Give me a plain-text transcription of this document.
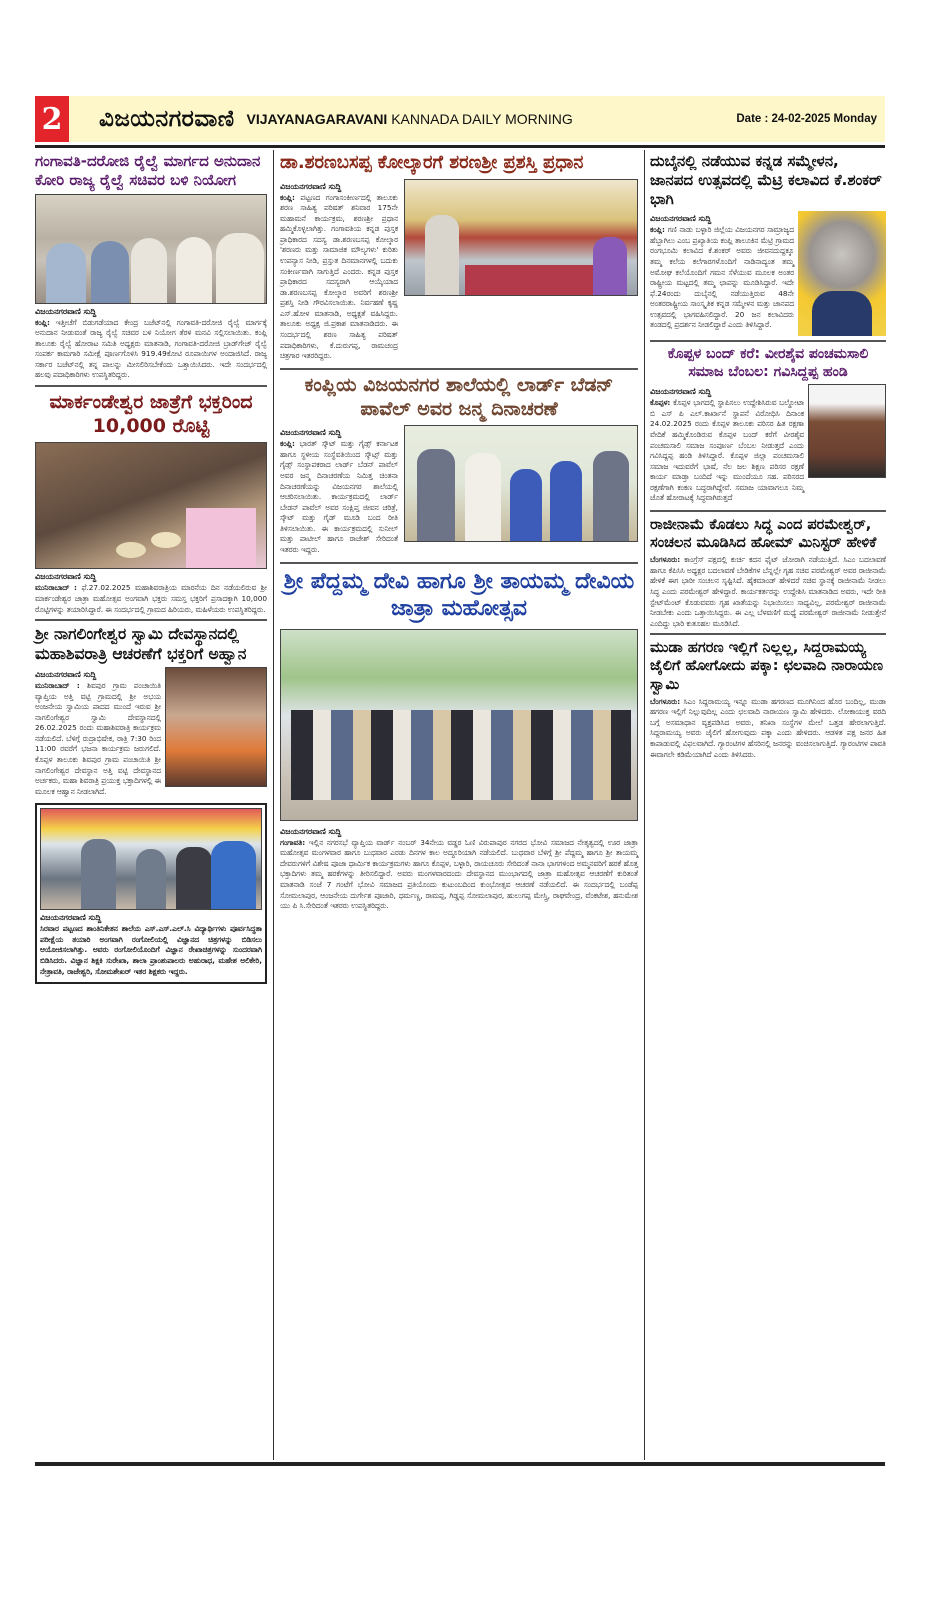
2 ವಿಜಯನಗರವಾಣಿ VIJAYANAGARAVANI KANNADA DAILY MORNING	Date : 24-02-2025 Monday
ಗಂಗಾವತಿ-ದರೋಜಿ ರೈಲ್ವೆ ಮಾರ್ಗದ ಅನುದಾನ ಕೋರಿ ರಾಜ್ಯ ರೈಲ್ವೆ ಸಚಿವರ ಬಳಿ ನಿಯೋಗ

ವಿಜಯನಗರವಾಣಿ ಸುದ್ದಿ

ಕಂಪ್ಲಿ: ಇತ್ತೀಚೆಗೆ ಬಿಡುಗಡೆಯಾದ ಕೇಂದ್ರ ಬಜೆಟ್‌ನಲ್ಲಿ ಗಂಗಾವತಿ-ದರೋಜಿ ರೈಲ್ವೆ ಮಾರ್ಗಕ್ಕೆ ಅನುದಾನ ನೀಡುವಂತೆ ರಾಜ್ಯ ರೈಲ್ವೆ ಸಚಿವರ ಬಳಿ ನಿಯೋಗ ತೆರಳಿ ಮನವಿ ಸಲ್ಲಿಸಲಾಯಿತು. ಕಂಪ್ಲಿ ತಾಲೂಕು ರೈಲ್ವೆ ಹೋರಾಟ ಸಮಿತಿ ಅಧ್ಯಕ್ಷರು ಮಾತನಾಡಿ, ಗಂಗಾವತಿ-ದರೋಜಿ ಬ್ರಾಡ್‌ಗೇಜ್ ರೈಲ್ವೆ ಸಂಪರ್ಕ ಕಾಮಗಾರಿ ಸಮೀಕ್ಷೆ ಪೂರ್ಣಗೊಳಿಸಿ 919.49ಕೋಟಿ ರೂಪಾಯಿಗಳ ಅಂದಾಜಿಸಿದೆ. ರಾಜ್ಯ ಸರ್ಕಾರ ಬಜೆಟ್‌ನಲ್ಲಿ ತನ್ನ ಪಾಲನ್ನು ಮೀಸಲಿರಿಸಬೇಕೆಂದು ಒತ್ತಾಯಿಸಿದರು. ಇದೇ ಸಂದರ್ಭದಲ್ಲಿ ಹಲವು ಪದಾಧಿಕಾರಿಗಳು ಉಪಸ್ಥಿತರಿದ್ದರು.

ಮಾರ್ಕಂಡೇಶ್ವರ ಜಾತ್ರೆಗೆ ಭಕ್ತರಿಂದ 10,000 ರೊಟ್ಟಿ

ವಿಜಯನಗರವಾಣಿ ಸುದ್ದಿ

ಮುನಿರಾಬಾದ್ : ಫೆ.27.02.2025 ಮಹಾಶಿವರಾತ್ರಿಯ ಮಾರನೆಯ ದಿನ ನಡೆಯಲಿರುವ ಶ್ರೀ ಮಾರ್ಕಂಡೇಶ್ವರ ಜಾತ್ರಾ ಮಹೋತ್ಸವ ಅಂಗವಾಗಿ ಭಕ್ತರು ಸಮಸ್ತ ಭಕ್ತರಿಗೆ ಪ್ರಸಾದಕ್ಕಾಗಿ 10,000 ರೊಟ್ಟಿಗಳನ್ನು ತಯಾರಿಸಿದ್ದಾರೆ. ಈ ಸಂದರ್ಭದಲ್ಲಿ ಗ್ರಾಮದ ಹಿರಿಯರು, ಮಹಿಳೆಯರು ಉಪಸ್ಥಿತರಿದ್ದರು.

ಶ್ರೀ ನಾಗಲಿಂಗೇಶ್ವರ ಸ್ವಾಮಿ ದೇವಸ್ಥಾನದಲ್ಲಿ ಮಹಾಶಿವರಾತ್ರಿ ಆಚರಣೆಗೆ ಭಕ್ತರಿಗೆ ಅಹ್ವಾನ

ವಿಜಯನಗರವಾಣಿ ಸುದ್ದಿ

ಮುನಿರಾಬಾದ್ : ಶಿವಪುರ ಗ್ರಾಮ ಪಂಚಾಯಿತಿ ವ್ಯಾಪ್ತಿಯ ಅತ್ತಿ ವಟ್ಟಿ ಗ್ರಾಮದಲ್ಲಿ ಶ್ರೀ ಅಭಯ ಅಂಜನೇಯ ಸ್ವಾಮಿಯ ಪಾದದ ಮುಂದೆ ಇರುವ ಶ್ರೀ ನಾಗಲಿಂಗೇಶ್ವರ ಸ್ವಾಮಿ ದೇವಸ್ಥಾನದಲ್ಲಿ 26.02.2025 ರಂದು ಮಹಾಶಿವರಾತ್ರಿ ಕಾರ್ಯಕ್ರಮ ನಡೆಯಲಿದೆ. ಬೆಳಿಗ್ಗೆ ರುದ್ರಾಭಿಷೇಕ, ರಾತ್ರಿ 7:30 ರಿಂದ 11:00 ರವರೆಗೆ ಭಜನಾ ಕಾರ್ಯಕ್ರಮ ಜರುಗಲಿದೆ. ಕೊಪ್ಪಳ ತಾಲೂಕು ಶಿವಪುರ ಗ್ರಾಮ ಪಂಚಾಯಿತಿ ಶ್ರೀ ನಾಗಲಿಂಗೇಶ್ವರ ದೇವಸ್ಥಾನ ಅತ್ತಿ ವಟ್ಟಿ ದೇವಸ್ಥಾನದ ಅರ್ಚಕರು, ಮಹಾ ಶಿವರಾತ್ರಿ ಪ್ರಯುಕ್ತ ಭಕ್ತಾದಿಗಳಲ್ಲಿ ಈ ಮೂಲಕ ಆಹ್ವಾನ ನೀಡಲಾಗಿದೆ.

ವಿಜಯನಗರವಾಣಿ ಸುದ್ದಿ

ಸಿರವಾರ ಪಟ್ಟಣದ ಶಾಂತಿನಿಕೇತನ ಶಾಲೆಯ ಎಸ್.ಎಸ್.ಎಲ್.ಸಿ ವಿದ್ಯಾರ್ಥಿಗಳು ಪೂರ್ವಸಿದ್ಧತಾ ಪರೀಕ್ಷೆಯ ತಯಾರಿ ಅಂಗವಾಗಿ ರಂಗೋಲಿಯಲ್ಲಿ ವಿಜ್ಞಾನದ ಚಿತ್ರಗಳನ್ನು ಬಿಡಿಸಲು ಆಯೋಜಿಸಲಾಗಿತ್ತು. ಅವರು ರಂಗೋಲಿಯೊಂದಿಗೆ ವಿಜ್ಞಾನ ರೇಖಾಚಿತ್ರಗಳನ್ನು ಸುಂದರವಾಗಿ ಬಿಡಿಸಿದರು. ವಿಜ್ಞಾನ ಶಿಕ್ಷಕಿ ಸುರೇಖಾ, ಶಾಲಾ ಪ್ರಾಂಶುಪಾಲರು ಅಹುರಾಧ, ಮಹೇಶ ಅಲಿಕೇರಿ, ನೇತ್ರಾವತಿ, ರಾಜೇಶ್ವರಿ, ಸೋಮಶೇಖರ್ ಇತರ ಶಿಕ್ಷಕರು ಇದ್ದರು.

ಡಾ.ಶರಣಬಸಪ್ಪ ಕೋಲ್ಕಾರಗೆ ಶರಣಶ್ರೀ ಪ್ರಶಸ್ತಿ ಪ್ರಧಾನ

ವಿಜಯನಗರವಾಣಿ ಸುದ್ದಿ

ಕಂಪ್ಲಿ: ಪಟ್ಟಣದ ಗಂಗಾಸಂಕೀರ್ಣದಲ್ಲಿ ತಾಲೂಕು ಶರಣ ಸಾಹಿತ್ಯ ಪರಿಷತ್ ಶನಿವಾರ 175ನೇ ಮಹಾಮನೆ ಕಾರ್ಯಕ್ರಮ, ಶರಣಶ್ರೀ ಪ್ರಧಾನ ಹಮ್ಮಿಕೊಳ್ಳಲಾಗಿತ್ತು. ಗಂಗಾವತಿಯ ಕನ್ನಡ ಪುಸ್ತಕ ಪ್ರಾಧಿಕಾರದ ಸದಸ್ಯ ಡಾ.ಶರಣಬಸಪ್ಪ ಕೋಲ್ಕಾರ 'ಶರಣರು ಮತ್ತು ಸಾಮಾಜಿಕ ಮೌಲ್ಯಗಳು' ಕುರಿತು ಉಪನ್ಯಾಸ ನೀಡಿ, ಪ್ರಸ್ತುತ ದಿನಮಾನಗಳಲ್ಲಿ ಬದುಕು ಸಂಕೀರ್ಣವಾಗಿ ಸಾಗುತ್ತಿದೆ ಎಂದರು. ಕನ್ನಡ ಪುಸ್ತಕ ಪ್ರಾಧಿಕಾರದ ಸದಸ್ಯರಾಗಿ ಆಯ್ಕೆಯಾದ ಡಾ.ಶರಣಬಸಪ್ಪ ಕೋಲ್ಕಾರ ಅವರಿಗೆ ಶರಣಶ್ರೀ ಪ್ರಶಸ್ತಿ ನೀಡಿ ಗೌರವಿಸಲಾಯಿತು. ನಿರ್ವಹಣೆ ಕೃಷ್ಣ ಎಸ್.ಹೋಳ ಮಾತನಾಡಿ, ಅಧ್ಯಕ್ಷತೆ ವಹಿಸಿದ್ದರು. ತಾಲೂಕು ಅಧ್ಯಕ್ಷ ಜಿ.ಪ್ರಕಾಶ ಮಾತನಾಡಿದರು. ಈ ಸಂದರ್ಭದಲ್ಲಿ ಶರಣ ಸಾಹಿತ್ಯ ಪರಿಷತ್ ಪದಾಧಿಕಾರಿಗಳು, ಕೆ.ದುರುಗಪ್ಪ, ರಾಮಚಂದ್ರ ಚಿತ್ರಗಾರ ಇತರರಿದ್ದರು.

ಕಂಪ್ಲಿಯ ವಿಜಯನಗರ ಶಾಲೆಯಲ್ಲಿ ಲಾರ್ಡ್ ಬೆಡನ್ ಪಾವೆಲ್ ಅವರ ಜನ್ಮ ದಿನಾಚರಣೆ

ವಿಜಯನಗರವಾಣಿ ಸುದ್ದಿ

ಕಂಪ್ಲಿ: ಭಾರತ್ ಸ್ಕೌಟ್ ಮತ್ತು ಗೈಡ್ಸ್ ಕರ್ನಾಟಕ ಹಾಗೂ ಸ್ಥಳೀಯ ಸಂಸ್ಥೆವತಿಯಿಂದ ಸ್ಕೌಟ್ಸ್ ಮತ್ತು ಗೈಡ್ಸ್ ಸಂಸ್ಥಾಪಕರಾದ ಲಾರ್ಡ್ ಬೆಡನ್ ಪಾವೆಲ್ ಅವರ ಜನ್ಮ ದಿನಾಚರಣೆಯ ನಿಮಿತ್ತ ಚಿಂತನಾ ದಿನಾಚರಣೆಯನ್ನು ವಿಜಯನಗರ ಶಾಲೆಯಲ್ಲಿ ಆಚರಿಸಲಾಯಿತು. ಕಾರ್ಯಕ್ರಮದಲ್ಲಿ ಲಾರ್ಡ್ ಬೇಡನ್ ಪಾವೆಲ್ ಅವರ ಸಂಕ್ಷಿಪ್ತ ಜೀವನ ಚರಿತ್ರೆ, ಸ್ಕೌಟ್ ಮತ್ತು ಗೈಡ್ ಮೂಡಿ ಬಂದ ರೀತಿ ತಿಳಿಸಲಾಯಿತು. ಈ ಕಾರ್ಯಕ್ರಮದಲ್ಲಿ ಸುನೀಲ್ ಮತ್ತು ಪಾಟೀಲ್ ಹಾಗೂ ರಾಜೇಶ್ ಸೇರಿದಂತೆ ಇತರರು ಇದ್ದರು.

ಶ್ರೀ ಪೆದ್ದಮ್ಮ ದೇವಿ ಹಾಗೂ ಶ್ರೀ ತಾಯಮ್ಮ ದೇವಿಯ ಜಾತ್ರಾ ಮಹೋತ್ಸವ

ವಿಜಯನಗರವಾಣಿ ಸುದ್ದಿ

ಗಂಗಾವತಿ: ಇಲ್ಲಿನ ನಗರಸಭೆ ವ್ಯಾಪ್ತಿಯ ವಾರ್ಡ್ ನಂಬರ್ 34ನೇಯ ವಡ್ಡರ ಓಣಿ ವಿರುಪಾಪುರ ನಗರದ ಭೋವಿ ಸಮಾಜದ ನೇತೃತ್ವದಲ್ಲಿ ಊರ ಜಾತ್ರಾ ಮಹೋತ್ಸವ ಮಂಗಳವಾರ ಹಾಗೂ ಬುಧವಾರ ಎರಡು ದಿನಗಳ ಕಾಲ ಅದ್ದೂರಿಯಾಗಿ ನಡೆಯಲಿದೆ. ಬುಧವಾರ ಬೆಳಿಗ್ಗೆ ಶ್ರೀ ಪೆದ್ದಮ್ಮ ಹಾಗೂ ಶ್ರೀ ತಾಯಮ್ಮ ದೇವರುಗಳಿಗೆ ವಿಶೇಷ ಪೂಜಾ ಧಾರ್ಮಿಕ ಕಾರ್ಯಕ್ರಮಗಳು ಹಾಗೂ ಕೊಪ್ಪಳ, ಬಳ್ಳಾರಿ, ರಾಯಚೂರು ಸೇರಿದಂತೆ ನಾನಾ ಭಾಗಗಳಿಂದ ಅಮ್ಮನವರಿಗೆ ಹರಕೆ ಹೊತ್ತ ಭಕ್ತಾದಿಗಳು ತಮ್ಮ ಹರಕೆಗಳನ್ನು ತೀರಿಸಲಿದ್ದಾರೆ. ಅವರು ಮಂಗಳವಾರದಂದು ದೇವಸ್ಥಾನದ ಮುಂಭಾಗದಲ್ಲಿ ಜಾತ್ರಾ ಮಹೋತ್ಸವ ಆಚರಣೆಗೆ ಕುರಿತಂತೆ ಮಾತನಾಡಿ ಸಂಜೆ 7 ಗಂಟೆಗೆ ಭೋವಿ ಸಮಾಜದ ಪ್ರತಿಯೊಂದು ಕುಟುಂಬದಿಂದ ಕುಂಭೋತ್ಸವ ಆಚರಣೆ ನಡೆಯಲಿದೆ. ಈ ಸಂದರ್ಭದಲ್ಲಿ ಬಂಡೆಪ್ಪ ಸೋಮಲಾಪುರ, ಆಂಜನೇಯ ದುರ್ಗೇಶ ಪೂಜಾರಿ, ಧರ್ಮಣ್ಣ, ರಾಮಪ್ಪ, ಗಿಡ್ಡಪ್ಪ ಸೋಮಲಾಪುರ, ಹುಲುಗಪ್ಪ ಮೇಸ್ತ್ರಿ, ರಾಘವೇಂದ್ರ, ವೆಂಕಟೇಶ, ಹನುಮೇಶ ಯು ಪಿ ಸಿ.ಸೇರಿದಂತೆ ಇತರರು ಉಪಸ್ಥಿತರಿದ್ದರು.

ದುಬೈನಲ್ಲಿ ನಡೆಯುವ ಕನ್ನಡ ಸಮ್ಮೇಳನ, ಜಾನಪದ ಉತ್ಸವದಲ್ಲಿ ಮೆಟ್ರಿ ಕಲಾವಿದ ಕೆ.ಶಂಕರ್ ಭಾಗಿ

ವಿಜಯನಗರವಾಣಿ ಸುದ್ದಿ

ಕಂಪ್ಲಿ: ಗಣಿ ನಾಡು ಬಳ್ಳಾರಿ ಜಿಲ್ಲೆಯ ವಿಜಯನಗರ ಸಾಮ್ರಾಜ್ಯದ ಹೆಬ್ಬಾಗಿಲು ಎಂಬ ಪ್ರಖ್ಯಾತಿಯ ಕಂಪ್ಲಿ ತಾಲೂಕಿನ ಮೆಟ್ರಿ ಗ್ರಾಮದ ರಂಗಭೂಮಿ ಕಲಾವಿದ ಕೆ.ಶಂಕರ್ ಅವರು ಜೀವನದುದ್ದಕ್ಕೂ ತಮ್ಮ ಕಲೆಯ ಕಲೆಗಾರಗಳೊಂದಿಗೆ ನಾಡಿನಾದ್ಯಂತ ತಮ್ಮ ಅಮೋಘ ಕಲೆಯೊಂದಿಗೆ ಗಮನ ಸೆಳೆಯುವ ಮೂಲಕ ಅಂತರ ರಾಷ್ಟ್ರೀಯ ಮಟ್ಟದಲ್ಲಿ ತಮ್ಮ ಛಾಪನ್ನು ಮೂಡಿಸಿದ್ದಾರೆ. ಇದೇ ಫೆ.24ರಂದು ದುಬೈನಲ್ಲಿ ನಡೆಯುತ್ತಿರುವ 48ನೇ ಅಂತರರಾಷ್ಟ್ರೀಯ ಸಾಂಸ್ಕೃತಿಕ ಕನ್ನಡ ಸಮ್ಮೇಳನ ಮತ್ತು ಜಾನಪದ ಉತ್ಸವದಲ್ಲಿ ಭಾಗವಹಿಸಲಿದ್ದಾರೆ. 20 ಜನ ಕಲಾವಿದರು ತಂಡದಲ್ಲಿ ಪ್ರದರ್ಶನ ನೀಡಲಿದ್ದಾರೆ ಎಂದು ತಿಳಿಸಿದ್ದಾರೆ.

ಕೊಪ್ಪಳ ಬಂದ್ ಕರೆ: ವೀರಶೈವ ಪಂಚಮಸಾಲಿ ಸಮಾಜ ಬೆಂಬಲ: ಗವಿಸಿದ್ದಪ್ಪ ಹಂಡಿ

ವಿಜಯನಗರವಾಣಿ ಸುದ್ದಿ

ಕೊಪ್ಪಳ: ಕೊಪ್ಪಳ ಭಾಗದಲ್ಲಿ ಸ್ಥಾಪಿಸಲು ಉದ್ದೇಶಿಸಿರುವ ಬಲ್ಡೋಟಾ ಬಿ ಎಸ್ ಪಿ ಎಲ್.ಕಾರ್ಖಾನೆ ಸ್ಥಾಪನೆ ವಿರೋಧಿಸಿ ದಿನಾಂಕ 24.02.2025 ರಂದು ಕೊಪ್ಪಳ ತಾಲೂಕು ಪರಿಸರ ಹಿತ ರಕ್ಷಣಾ ವೇದಿಕೆ ಹಮ್ಮಿಕೊಂಡಿರುವ ಕೊಪ್ಪಳ ಬಂದ್ ಕರೆಗೆ ವೀರಶೈವ ಪಂಚಮಸಾಲಿ ಸಮಾಜ ಸಂಪೂರ್ಣ ಬೆಂಬಲ ನೀಡುತ್ತದೆ ಎಂದು ಗವಿಸಿದ್ದಪ್ಪ ಹಂಡಿ ತಿಳಿಸಿದ್ದಾರೆ. ಕೊಪ್ಪಳ ಜಿಲ್ಲಾ ಪಂಚಮಸಾಲಿ ಸಮಾಜ ಇದುವರೆಗೆ ಭಾಷೆ, ನೆಲ ಜಲ ಶಿಕ್ಷಣ ಪರಿಸರ ರಕ್ಷಣೆ ಕಾರ್ಯ ಮಾಡ್ತಾ ಬಂದಿದೆ ಇನ್ನು ಮುಂದೆಯೂ ಸಹ. ಪರಿಸರದ ರಕ್ಷಣೆಗಾಗಿ ಕಂಕಣ ಬದ್ಧರಾಗಿದ್ದೇವೆ. ಸಮಾಜ ಯಾವಾಗಲೂ ನಿಮ್ಮ ಜೊತೆ ಹೋರಾಟಕ್ಕೆ ಸಿದ್ಧವಾಗಿರುತ್ತದೆ

ರಾಜೀನಾಮೆ ಕೊಡಲು ಸಿದ್ಧ ಎಂದ ಪರಮೇಶ್ವರ್, ಸಂಚಲನ ಮೂಡಿಸಿದ ಹೋಮ್ ಮಿನಿಸ್ಟರ್ ಹೇಳಿಕೆ

ಬೆಂಗಳೂರು: ಕಾಂಗ್ರೆಸ್ ಪಕ್ಷದಲ್ಲಿ ಕುರ್ಚಿ ಕದನ ಫೈಟ್ ಜೋರಾಗಿ ನಡೆಯುತ್ತಿದೆ. ಸಿಎಂ ಬದಲಾವಣೆ ಹಾಗೂ ಕೆಪಿಸಿಸಿ ಅಧ್ಯಕ್ಷರ ಬದಲಾವಣೆ ಬೇಡಿಕೆಗಳ ಬೆನ್ನಲ್ಲೇ ಗೃಹ ಸಚಿವ ಪರಮೇಶ್ವರ್ ಅವರ ರಾಜೀನಾಮೆ ಹೇಳಿಕೆ ಈಗ ಭಾರೀ ಸಂಚಲನ ಸೃಷ್ಟಿಸಿದೆ. ಹೈಕಮಾಂಡ್ ಹೇಳಿದರೆ ಸಚಿವ ಸ್ಥಾನಕ್ಕೆ ರಾಜೀನಾಮೆ ನೀಡಲು ಸಿದ್ಧ ಎಂದು ಪರಮೇಶ್ವರ್ ಹೇಳಿದ್ದಾರೆ. ಕಾರ್ಯಕರ್ತರನ್ನು ಉದ್ದೇಶಿಸಿ ಮಾತನಾಡಿದ ಅವರು, ಇದೇ ರೀತಿ ಸ್ಟೇಟ್‌ಮೆಂಟ್ ಕೊಡುವವರು ಗೃಹ ಖಾತೆಯನ್ನು ನಿಭಾಯಿಸಲು ಸಾಧ್ಯವಿಲ್ಲ, ಪರಮೇಶ್ವರ್ ರಾಜೀನಾಮೆ ನೀಡಬೇಕು ಎಂದು ಒತ್ತಾಯಿಸಿದ್ದರು. ಈ ಎಲ್ಲ ಬೆಳವಣಿಗೆ ಮಧ್ಯೆ ಪರಮೇಶ್ವರ್ ರಾಜೀನಾಮೆ ನೀಡುತ್ತೇನೆ ಎಂದಿದ್ದು ಭಾರಿ ಕುತೂಹಲ ಮೂಡಿಸಿದೆ.

ಮುಡಾ ಹಗರಣ ಇಲ್ಲಿಗೆ ನಿಲ್ಲಲ್ಲ, ಸಿದ್ದರಾಮಯ್ಯ ಜೈಲಿಗೆ ಹೋಗೋದು ಪಕ್ಕಾ: ಛಲವಾದಿ ನಾರಾಯಣ ಸ್ವಾಮಿ

ಬೆಂಗಳೂರು: ಸಿಎಂ ಸಿದ್ದರಾಮಯ್ಯ ಇನ್ನೂ ಮುಡಾ ಹಗರಣದ ಮೂಗಿನಿಂದ ಹೊರ ಬಂದಿಲ್ಲ, ಮುಡಾ ಹಗರಣ ಇಲ್ಲಿಗೆ ನಿಲ್ಲುವುದಿಲ್ಲ ಎಂದು ಛಲವಾದಿ ನಾರಾಯಣ ಸ್ವಾಮಿ ಹೇಳಿದರು. ಲೋಕಾಯುಕ್ತ ವರದಿ ಬಗ್ಗೆ ಅಸಮಾಧಾನ ವ್ಯಕ್ತಪಡಿಸಿದ ಅವರು, ತನಿಖಾ ಸಂಸ್ಥೆಗಳ ಮೇಲೆ ಒತ್ತಡ ಹೇರಲಾಗುತ್ತಿದೆ. ಸಿದ್ದರಾಮಯ್ಯ ಅವರು ಜೈಲಿಗೆ ಹೋಗುವುದು ಪಕ್ಕಾ ಎಂದು ಹೇಳಿದರು. ಆಡಳಿತ ಪಕ್ಷ ಜನರ ಹಿತ ಕಾಪಾಡುವಲ್ಲಿ ವಿಫಲವಾಗಿದೆ. ಗ್ಯಾರಂಟಿಗಳ ಹೆಸರಿನಲ್ಲಿ ಜನರನ್ನು ವಂಚಿಸಲಾಗುತ್ತಿದೆ. ಗ್ಯಾರಂಟಿಗಳ ಪಾವತಿ ಈವಾಗಲೇ ಕಡಿಮೆಯಾಗಿದೆ ಎಂದು ತಿಳಿಸಿದರು.
